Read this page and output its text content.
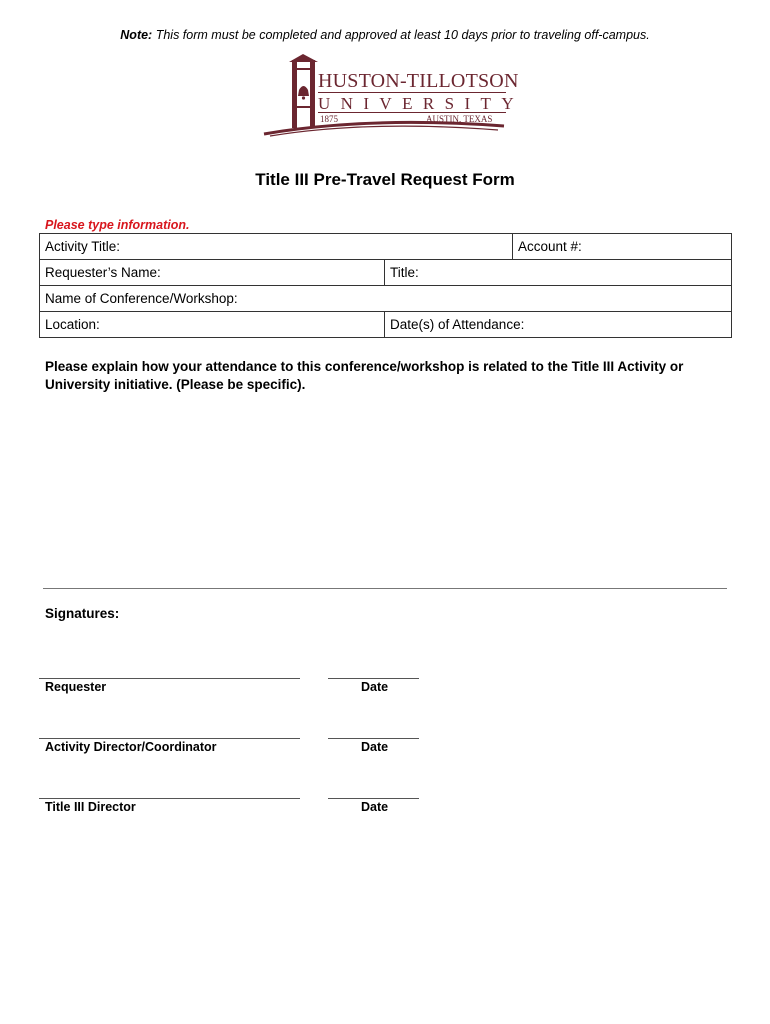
Note: This form must be completed and approved at least 10 days prior to traveling off-campus.
HUSTON-TILLOTSON
UNIVERSITY
1875	AUSTIN, TEXAS
Title III Pre-Travel Request Form
Please type information.
Activity Title:		Account #:
Requester’s Name:	Title:	
Name of Conference/Workshop:		
Location:	Date(s) of Attendance:	
Please explain how your attendance to this conference/workshop is related to the Title III Activity or University initiative. (Please be specific).
Signatures:
Requester	Date
Activity Director/Coordinator	Date
Title III Director	Date
